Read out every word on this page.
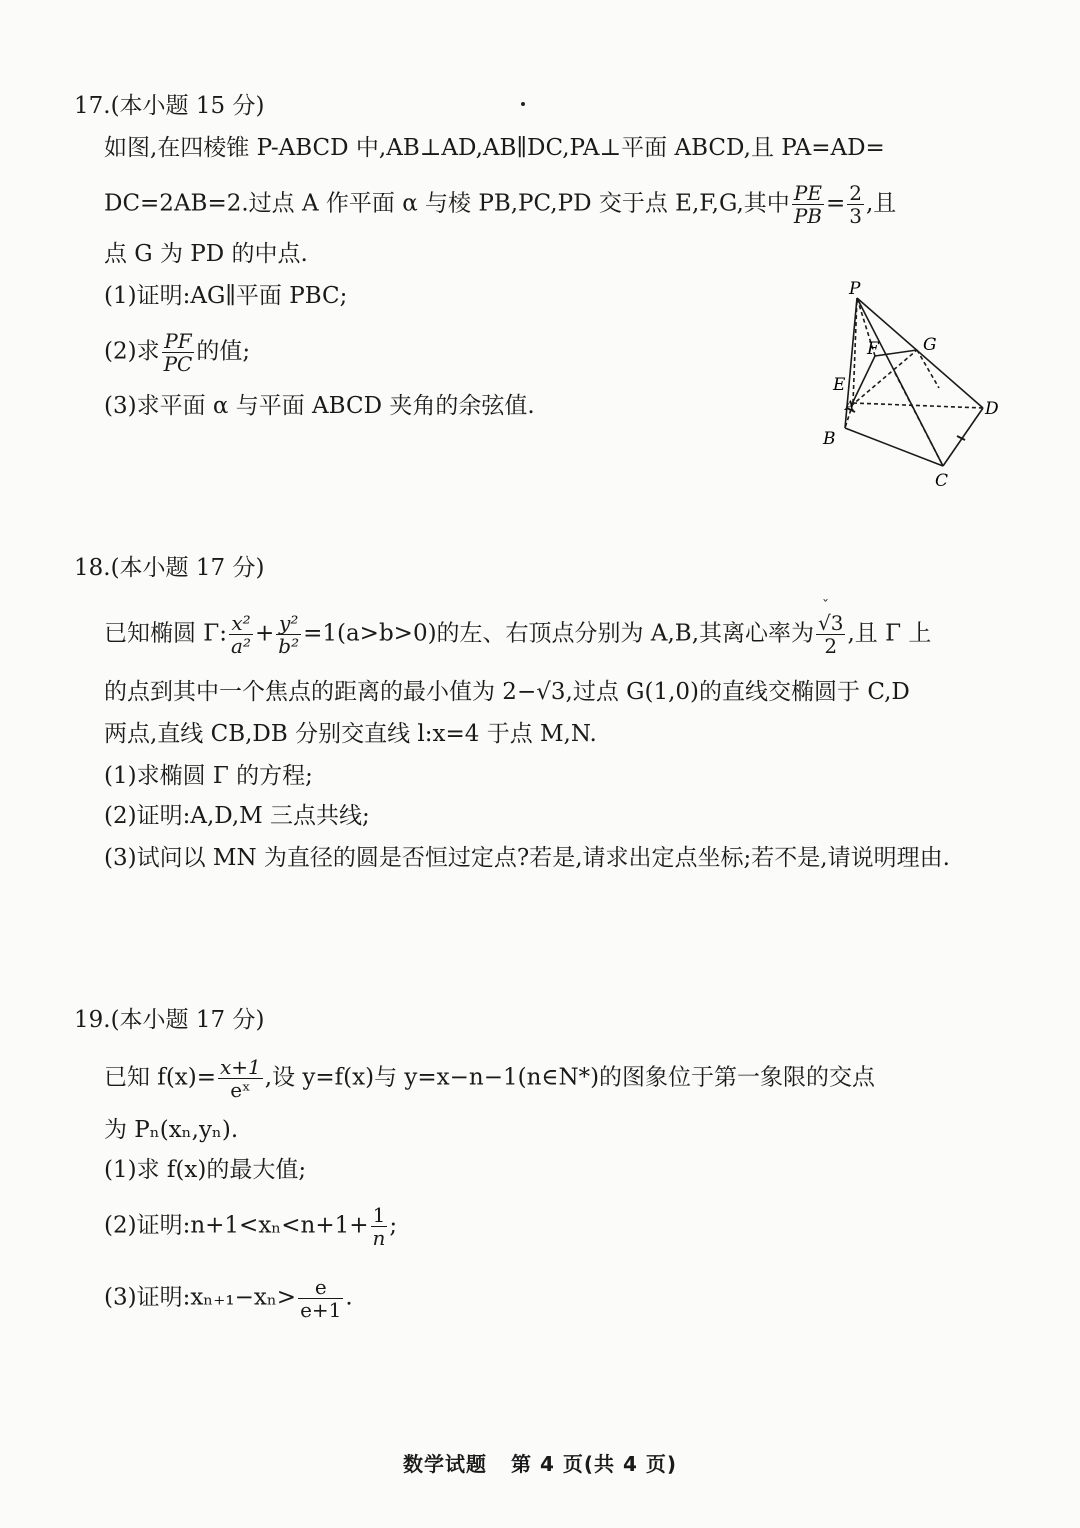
17.(本小题 15 分)
如图,在四棱锥 P-ABCD 中,AB⊥AD,AB∥DC,PA⊥平面 ABCD,且 PA=AD=
DC=2AB=2.过点 A 作平面 α 与棱 PB,PC,PD 交于点 E,F,G,其中 $\frac{PE}{PB} = \frac{2}{3}$ ,且
点 G 为 PD 的中点.
(1)证明:AG∥平面 PBC;
(2)求 $\frac{PF}{PC}$ 的值;
(3)求平面 α 与平面 ABCD 夹角的余弦值.
P
F	G
E
A	D
B
C
18.(本小题 17 分)
ˇ
已知椭圆 Γ: $\frac{\text{x²}}{\text{a²}} + \frac{\text{y²}}{\text{b²}} =1(a>b>0)$的左、右顶点分别为 A,B,其离心率为 $\frac{√3}{2}$ ,且 Γ 上
的点到其中一个焦点的距离的最小值为 2−√3,过点 G(1,0)的直线交椭圆于 C,D
两点,直线 CB,DB 分别交直线 l:x=4 于点 M,N.
(1)求椭圆 Γ 的方程;
(2)证明:A,D,M 三点共线;
(3)试问以 MN 为直径的圆是否恒过定点?若是,请求出定点坐标;若不是,请说明理由.
19.(本小题 17 分)
已知 $f(x)= \frac{x+1}{\text{eˣ}}$ ,设 y=f(x)与 y=x−n−1(n∈N*)的图象位于第一象限的交点
为 Pₙ(xₙ,yₙ).
(1)求 f(x)的最大值;
(2)证明:n+1<xₙ<n+1+ $\frac{1}{n}$ ;
(3)证明:xₙ₊₁−xₙ> $\frac{e}{e+1}$ .
数学试题 第 4 页(共 4 页)
